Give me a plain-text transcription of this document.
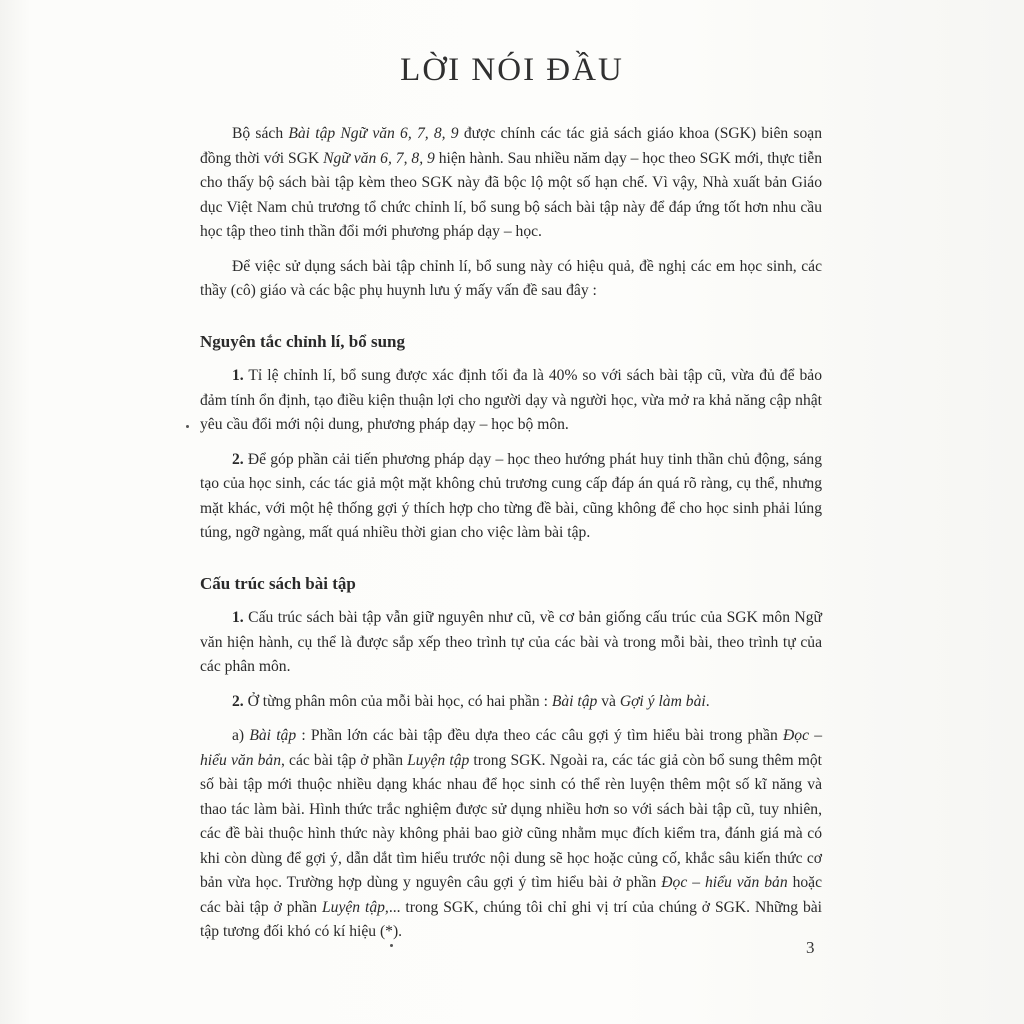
LỜI NÓI ĐẦU

Bộ sách Bài tập Ngữ văn 6, 7, 8, 9 được chính các tác giả sách giáo khoa (SGK) biên soạn đồng thời với SGK Ngữ văn 6, 7, 8, 9 hiện hành. Sau nhiều năm dạy – học theo SGK mới, thực tiễn cho thấy bộ sách bài tập kèm theo SGK này đã bộc lộ một số hạn chế. Vì vậy, Nhà xuất bản Giáo dục Việt Nam chủ trương tổ chức chỉnh lí, bổ sung bộ sách bài tập này để đáp ứng tốt hơn nhu cầu học tập theo tinh thần đổi mới phương pháp dạy – học.

Để việc sử dụng sách bài tập chỉnh lí, bổ sung này có hiệu quả, đề nghị các em học sinh, các thầy (cô) giáo và các bậc phụ huynh lưu ý mấy vấn đề sau đây :

Nguyên tắc chỉnh lí, bổ sung

1. Tỉ lệ chỉnh lí, bổ sung được xác định tối đa là 40% so với sách bài tập cũ, vừa đủ để bảo đảm tính ổn định, tạo điều kiện thuận lợi cho người dạy và người học, vừa mở ra khả năng cập nhật yêu cầu đổi mới nội dung, phương pháp dạy – học bộ môn.

2. Để góp phần cải tiến phương pháp dạy – học theo hướng phát huy tinh thần chủ động, sáng tạo của học sinh, các tác giả một mặt không chủ trương cung cấp đáp án quá rõ ràng, cụ thể, nhưng mặt khác, với một hệ thống gợi ý thích hợp cho từng đề bài, cũng không để cho học sinh phải lúng túng, ngỡ ngàng, mất quá nhiều thời gian cho việc làm bài tập.

Cấu trúc sách bài tập

1. Cấu trúc sách bài tập vẫn giữ nguyên như cũ, về cơ bản giống cấu trúc của SGK môn Ngữ văn hiện hành, cụ thể là được sắp xếp theo trình tự của các bài và trong mỗi bài, theo trình tự của các phân môn.

2. Ở từng phân môn của mỗi bài học, có hai phần : Bài tập và Gợi ý làm bài.

a) Bài tập : Phần lớn các bài tập đều dựa theo các câu gợi ý tìm hiểu bài trong phần Đọc – hiểu văn bản, các bài tập ở phần Luyện tập trong SGK. Ngoài ra, các tác giả còn bổ sung thêm một số bài tập mới thuộc nhiều dạng khác nhau để học sinh có thể rèn luyện thêm một số kĩ năng và thao tác làm bài. Hình thức trắc nghiệm được sử dụng nhiều hơn so với sách bài tập cũ, tuy nhiên, các đề bài thuộc hình thức này không phải bao giờ cũng nhằm mục đích kiểm tra, đánh giá mà có khi còn dùng để gợi ý, dẫn dắt tìm hiểu trước nội dung sẽ học hoặc củng cố, khắc sâu kiến thức cơ bản vừa học. Trường hợp dùng y nguyên câu gợi ý tìm hiểu bài ở phần Đọc – hiểu văn bản hoặc các bài tập ở phần Luyện tập,... trong SGK, chúng tôi chỉ ghi vị trí của chúng ở SGK. Những bài tập tương đối khó có kí hiệu (*).

3
